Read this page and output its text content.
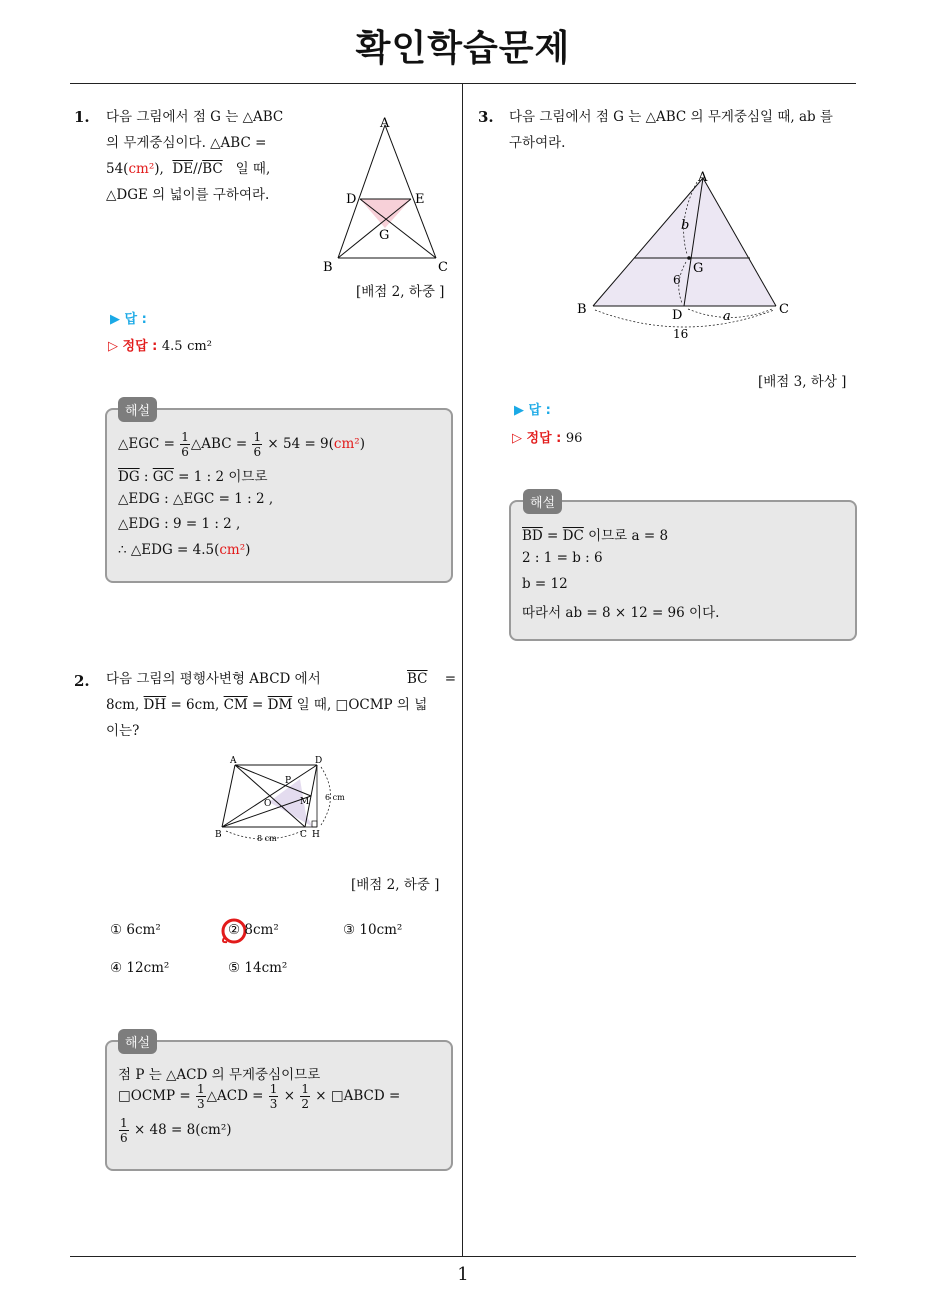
확인학습문제
1
1. 다음 그림에서 점 G 는 △ABC
의 무게중심이다. △ABC =
54(cm²), $\overline{DE}//\overline{BC}$ 일 때,
△DGE 의 넓이를 구하여라.
A
B	C
D	E
G
[배점 2, 하중 ]
▶ 답 :
▷ 정답 : 4.5 cm²
해설
△EGC = $\frac{1}{6}$ △ABC = $\frac{1}{6} \times 54 = 9(cm^2)$
$\overline{DG}$ : $\overline{GC} = 1$ : 2 이므로
△EDG : △EGC = 1 : 2 ,
△EDG : 9 = 1 : 2 ,
∴ △EDG = 4.5(cm²)
2. 다음 그림의 평행사변형 ABCD 에서	$\overline{BC}$ =
8cm, $\overline{DH} = 6cm$, $\overline{CM} = \overline{DM}$ 일 때, □OCMP 의 넓
이는?
A	D
B	C H
O
P
M
8 cm
6 cm
[배점 2, 하중 ]
① 6cm²	② 8cm²	③ 10cm²
④ 12cm²	⑤ 14cm²
해설
점 P 는 △ACD 의 무게중심이므로
□OCMP = $\frac{1}{3}$ △ACD = $\frac{1}{3} \times \frac{1}{2}$ × □ABCD =
$\frac{1}{6} \times 48 = 8(cm^2)$
3. 다음 그림에서 점 G 는 △ABC 의 무게중심일 때, ab 를
구하여라.
A
B	C
D
G
b
6
a
16
[배점 3, 하상 ]
▶ 답 :
▷ 정답 : 96
해설
$\overline{BD} = \overline{DC}$ 이므로 a = 8
2 : 1 = b : 6
b = 12
따라서 ab = 8 × 12 = 96 이다.
